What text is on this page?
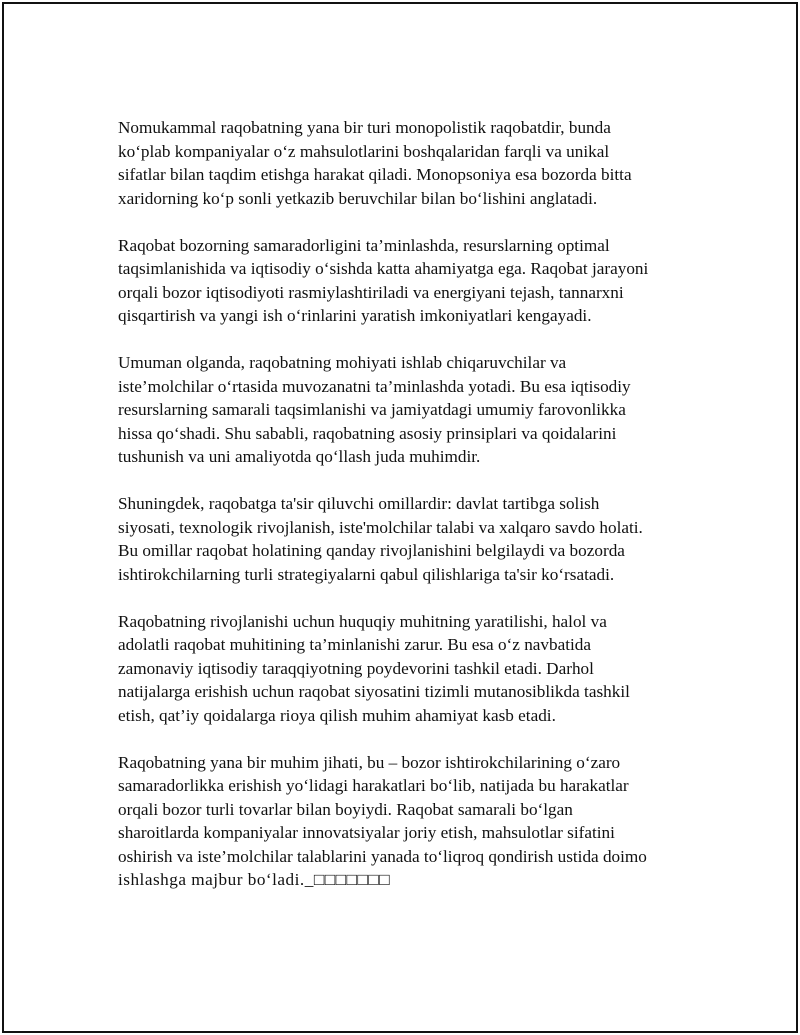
Nomukammal raqobatning yana bir turi monopolistik raqobatdir, bunda
ko‘plab kompaniyalar o‘z mahsulotlarini boshqalaridan farqli va unikal
sifatlar bilan taqdim etishga harakat qiladi. Monopsoniya esa bozorda bitta
xaridorning ko‘p sonli yetkazib beruvchilar bilan bo‘lishini anglatadi.

Raqobat bozorning samaradorligini ta’minlashda, resurslarning optimal
taqsimlanishida va iqtisodiy o‘sishda katta ahamiyatga ega. Raqobat jarayoni
orqali bozor iqtisodiyoti rasmiylashtiriladi va energiyani tejash, tannarxni
qisqartirish va yangi ish o‘rinlarini yaratish imkoniyatlari kengayadi.

Umuman olganda, raqobatning mohiyati ishlab chiqaruvchilar va
iste’molchilar o‘rtasida muvozanatni ta’minlashda yotadi. Bu esa iqtisodiy
resurslarning samarali taqsimlanishi va jamiyatdagi umumiy farovonlikka
hissa qo‘shadi. Shu sababli, raqobatning asosiy prinsiplari va qoidalarini
tushunish va uni amaliyotda qo‘llash juda muhimdir.

Shuningdek, raqobatga ta'sir qiluvchi omillardir: davlat tartibga solish
siyosati, texnologik rivojlanish, iste'molchilar talabi va xalqaro savdo holati.
Bu omillar raqobat holatining qanday rivojlanishini belgilaydi va bozorda
ishtirokchilarning turli strategiyalarni qabul qilishlariga ta'sir ko‘rsatadi.

Raqobatning rivojlanishi uchun huquqiy muhitning yaratilishi, halol va
adolatli raqobat muhitining ta’minlanishi zarur. Bu esa o‘z navbatida
zamonaviy iqtisodiy taraqqiyotning poydevorini tashkil etadi. Darhol
natijalarga erishish uchun raqobat siyosatini tizimli mutanosiblikda tashkil
etish, qat’iy qoidalarga rioya qilish muhim ahamiyat kasb etadi.

Raqobatning yana bir muhim jihati, bu – bozor ishtirokchilarining o‘zaro
samaradorlikka erishish yo‘lidagi harakatlari bo‘lib, natijada bu harakatlar
orqali bozor turli tovarlar bilan boyiydi. Raqobat samarali bo‘lgan
sharoitlarda kompaniyalar innovatsiyalar joriy etish, mahsulotlar sifatini
oshirish va iste’molchilar talablarini yanada to‘liqroq qondirish ustida doimo
ishlashga majbur bo‘ladi._□□□□□□□
